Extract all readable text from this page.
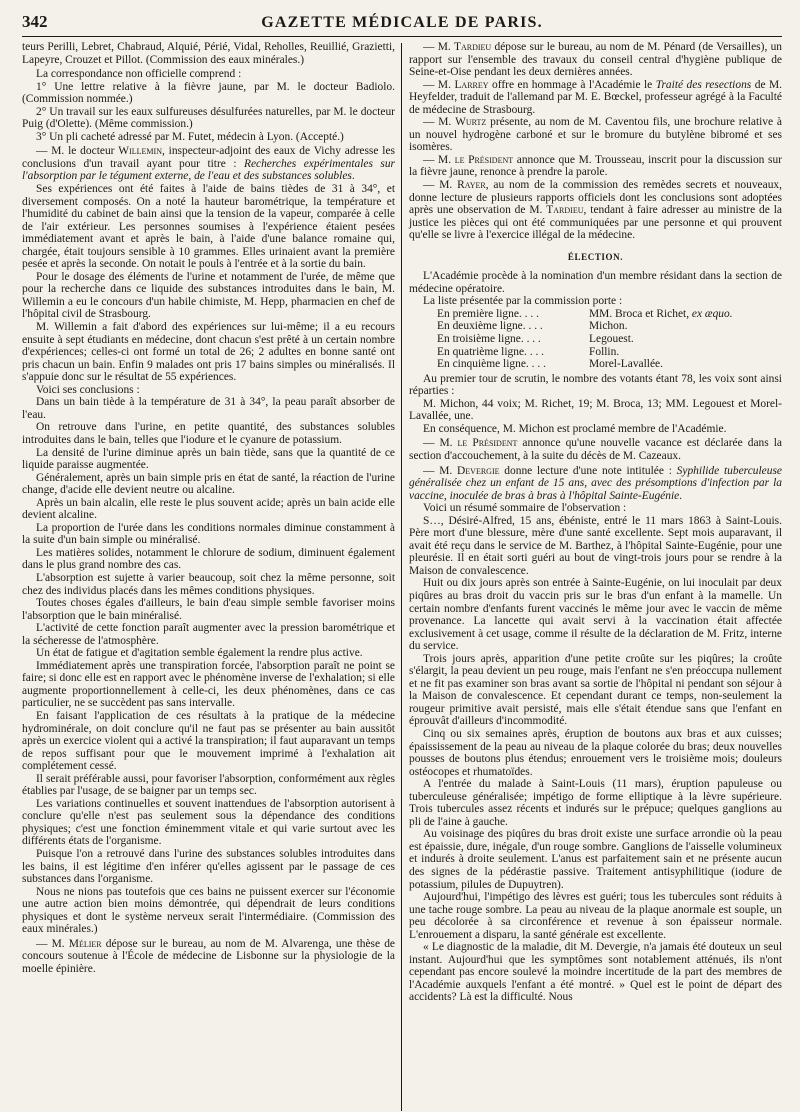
342	GAZETTE MÉDICALE DE PARIS.

teurs Perilli, Lebret, Chabraud, Alquié, Périé, Vidal, Reholles, Reuillié, Grazietti, Lapeyre, Crouzet et Pillot. (Commission des eaux minérales.)

La correspondance non officielle comprend :

1° Une lettre relative à la fièvre jaune, par M. le docteur Badiolo. (Commission nommée.)

2° Un travail sur les eaux sulfureuses désulfurées naturelles, par M. le docteur Puig (d'Olette). (Même commission.)

3° Un pli cacheté adressé par M. Futet, médecin à Lyon. (Accepté.)

— M. le docteur Willemin, inspecteur-adjoint des eaux de Vichy adresse les conclusions d'un travail ayant pour titre : Recherches expérimentales sur l'absorption par le tégument externe, de l'eau et des substances solubles.

Ses expériences ont été faites à l'aide de bains tièdes de 31 à 34°, et diversement composés. On a noté la hauteur barométrique, la température et l'humidité du cabinet de bain ainsi que la tension de la vapeur, comparée à celle de l'air extérieur. Les personnes soumises à l'expérience étaient pesées immédiatement avant et après le bain, à l'aide d'une balance romaine qui, chargée, était toujours sensible à 10 grammes. Elles urinaient avant la première pesée et après la seconde. On notait le pouls à l'entrée et à la sortie du bain.

Pour le dosage des éléments de l'urine et notamment de l'urée, de même que pour la recherche dans ce liquide des substances introduites dans le bain, M. Willemin a eu le concours d'un habile chimiste, M. Hepp, pharmacien en chef de l'hôpital civil de Strasbourg.

M. Willemin a fait d'abord des expériences sur lui-même; il a eu recours ensuite à sept étudiants en médecine, dont chacun s'est prêté à un certain nombre d'expériences; celles-ci ont formé un total de 26; 2 adultes en bonne santé ont pris chacun un bain. Enfin 9 malades ont pris 17 bains simples ou minéralisés. Il s'appuie donc sur le résultat de 55 expériences.

Voici ses conclusions :

Dans un bain tiède à la température de 31 à 34°, la peau paraît absorber de l'eau.

On retrouve dans l'urine, en petite quantité, des substances solubles introduites dans le bain, telles que l'iodure et le cyanure de potassium.

La densité de l'urine diminue après un bain tiède, sans que la quantité de ce liquide paraisse augmentée.

Généralement, après un bain simple pris en état de santé, la réaction de l'urine change, d'acide elle devient neutre ou alcaline.

Après un bain alcalin, elle reste le plus souvent acide; après un bain acide elle devient alcaline.

La proportion de l'urée dans les conditions normales diminue constamment à la suite d'un bain simple ou minéralisé.

Les matières solides, notamment le chlorure de sodium, diminuent également dans le plus grand nombre des cas.

L'absorption est sujette à varier beaucoup, soit chez la même personne, soit chez des individus placés dans les mêmes conditions physiques.

Toutes choses égales d'ailleurs, le bain d'eau simple semble favoriser moins l'absorption que le bain minéralisé.

L'activité de cette fonction paraît augmenter avec la pression barométrique et la sécheresse de l'atmosphère.

Un état de fatigue et d'agitation semble également la rendre plus active.

Immédiatement après une transpiration forcée, l'absorption paraît ne point se faire; si donc elle est en rapport avec le phénomène inverse de l'exhalation; si elle augmente proportionnellement à celle-ci, les deux phénomènes, dans ce cas particulier, ne se succèdent pas sans intervalle.

En faisant l'application de ces résultats à la pratique de la médecine hydrominérale, on doit conclure qu'il ne faut pas se présenter au bain aussitôt après un exercice violent qui a activé la transpiration; il faut auparavant un temps de repos suffisant pour que le mouvement imprimé à l'exhalation ait complétement cessé.

Il serait préférable aussi, pour favoriser l'absorption, conformément aux règles établies par l'usage, de se baigner par un temps sec.

Les variations continuelles et souvent inattendues de l'absorption autorisent à conclure qu'elle n'est pas seulement sous la dépendance des conditions physiques; c'est une fonction éminemment vitale et qui varie surtout avec les différents états de l'organisme.

Puisque l'on a retrouvé dans l'urine des substances solubles introduites dans les bains, il est légitime d'en inférer qu'elles agissent par le passage de ces substances dans l'organisme.

Nous ne nions pas toutefois que ces bains ne puissent exercer sur l'économie une autre action bien moins démontrée, qui dépendrait de leurs conditions physiques et dont le système nerveux serait l'intermédiaire. (Commission des eaux minérales.)

— M. Mélier dépose sur le bureau, au nom de M. Alvarenga, une thèse de concours soutenue à l'École de médecine de Lisbonne sur la physiologie de la moelle épinière.

— M. Tardieu dépose sur le bureau, au nom de M. Pénard (de Versailles), un rapport sur l'ensemble des travaux du conseil central d'hygiène publique de Seine-et-Oise pendant les deux dernières années.

— M. Larrey offre en hommage à l'Académie le Traité des resections de M. Heyfelder, traduit de l'allemand par M. E. Bœckel, professeur agrégé à la Faculté de médecine de Strasbourg.

— M. Wurtz présente, au nom de M. Caventou fils, une brochure relative à un nouvel hydrogène carboné et sur le bromure du butylène bibromé et ses isomères.

— M. le Président annonce que M. Trousseau, inscrit pour la discussion sur la fièvre jaune, renonce à prendre la parole.

— M. Rayer, au nom de la commission des remèdes secrets et nouveaux, donne lecture de plusieurs rapports officiels dont les conclusions sont adoptées après une observation de M. Tardieu, tendant à faire adresser au ministre de la justice les pièces qui ont été communiquées par une personne et qui prouvent qu'elle se livre à l'exercice illégal de la médecine.

ÉLECTION.

L'Académie procède à la nomination d'un membre résidant dans la section de médecine opératoire.

La liste présentée par la commission porte :

En première ligne. . . .	MM. Broca et Richet, ex æquo.
En deuxième ligne. . . .	Michon.
En troisième ligne. . . .	Legouest.
En quatrième ligne. . . .	Follin.
En cinquième ligne. . . .	Morel-Lavallée.

Au premier tour de scrutin, le nombre des votants étant 78, les voix sont ainsi réparties :

M. Michon, 44 voix; M. Richet, 19; M. Broca, 13; MM. Legouest et Morel-Lavallée, une.

En conséquence, M. Michon est proclamé membre de l'Académie.

— M. le Président annonce qu'une nouvelle vacance est déclarée dans la section d'accouchement, à la suite du décès de M. Cazeaux.

— M. Devergie donne lecture d'une note intitulée : Syphilide tuberculeuse généralisée chez un enfant de 15 ans, avec des présomptions d'infection par la vaccine, inoculée de bras à bras à l'hôpital Sainte-Eugénie.

Voici un résumé sommaire de l'observation :

S…, Désiré-Alfred, 15 ans, ébéniste, entré le 11 mars 1863 à Saint-Louis. Père mort d'une blessure, mère d'une santé excellente. Sept mois auparavant, il avait été reçu dans le service de M. Barthez, à l'hôpital Sainte-Eugénie, pour une pleurésie. Il en était sorti guéri au bout de vingt-trois jours pour se rendre à la Maison de convalescence.

Huit ou dix jours après son entrée à Sainte-Eugénie, on lui inoculait par deux piqûres au bras droit du vaccin pris sur le bras d'un enfant à la mamelle. Un certain nombre d'enfants furent vaccinés le même jour avec le vaccin de même provenance. La lancette qui avait servi à la vaccination était affectée exclusivement à cet usage, comme il résulte de la déclaration de M. Fritz, interne du service.

Trois jours après, apparition d'une petite croûte sur les piqûres; la croûte s'élargit, la peau devient un peu rouge, mais l'enfant ne s'en préoccupa nullement et ne fit pas examiner son bras avant sa sortie de l'hôpital ni pendant son séjour à la Maison de convalescence. Et cependant durant ce temps, non-seulement la rougeur primitive avait persisté, mais elle s'était étendue sans que l'enfant en éprouvât d'ailleurs d'incommodité.

Cinq ou six semaines après, éruption de boutons aux bras et aux cuisses; épaississement de la peau au niveau de la plaque colorée du bras; deux nouvelles pousses de boutons plus étendus; enrouement vers le troisième mois; douleurs ostéocopes et rhumatoïdes.

A l'entrée du malade à Saint-Louis (11 mars), éruption papuleuse ou tuberculeuse généralisée; impétigo de forme elliptique à la lèvre supérieure. Trois tubercules assez récents et indurés sur le prépuce; quelques ganglions au pli de l'aine à gauche.

Au voisinage des piqûres du bras droit existe une surface arrondie où la peau est épaissie, dure, inégale, d'un rouge sombre. Ganglions de l'aisselle volumineux et indurés à droite seulement. L'anus est parfaitement sain et ne présente aucun des signes de la pédérastie passive. Traitement antisyphilitique (iodure de potassium, pilules de Dupuytren).

Aujourd'hui, l'impétigo des lèvres est guéri; tous les tubercules sont réduits à une tache rouge sombre. La peau au niveau de la plaque anormale est souple, un peu décolorée à sa circonférence et revenue à son épaisseur normale. L'enrouement a disparu, la santé générale est excellente.

« Le diagnostic de la maladie, dit M. Devergie, n'a jamais été douteux un seul instant. Aujourd'hui que les symptômes sont notablement atténués, ils n'ont cependant pas encore soulevé la moindre incertitude de la part des membres de l'Académie auxquels l'enfant a été montré. » Quel est le point de départ des accidents? Là est la difficulté. Nous
